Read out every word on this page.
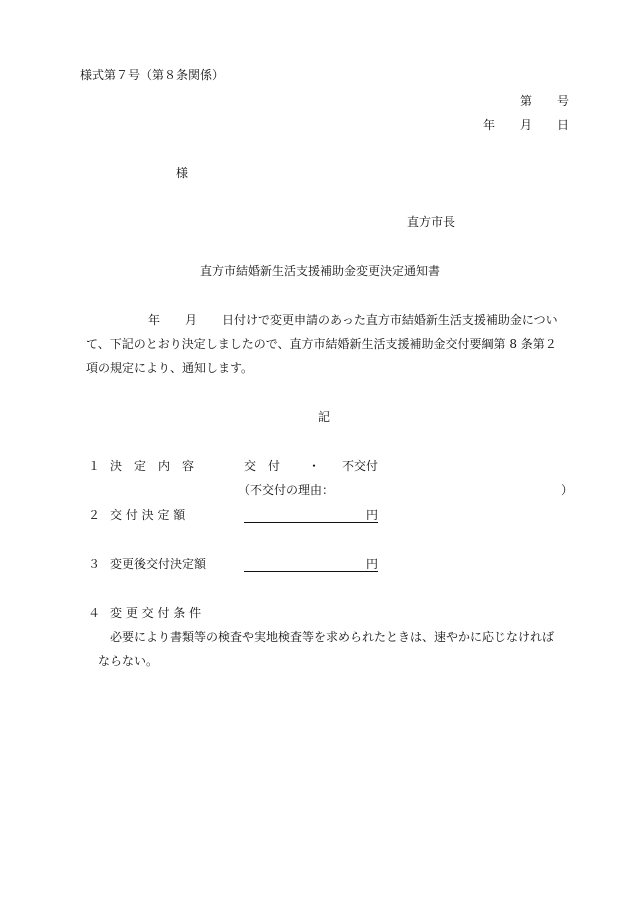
様式第７号（第８条関係）
第 号
年 月 日
様
直方市長
直方市結婚新生活支援補助金変更決定通知書
年 月 日付けで変更申請のあった直方市結婚新生活支援補助金につい
て、下記のとおり決定しましたので、直方市結婚新生活支援補助金交付要綱第 8 条第２
項の規定により、通知します。
記
１ 決　定　内　容	交　付 ・ 不交付
（不交付の理由：	）
２ 交 付 決 定 額	円
３ 変更後交付決定額	円
４ 変 更 交 付 条 件
必要により書類等の検査や実地検査等を求められたときは、速やかに応じなければ
ならない。
